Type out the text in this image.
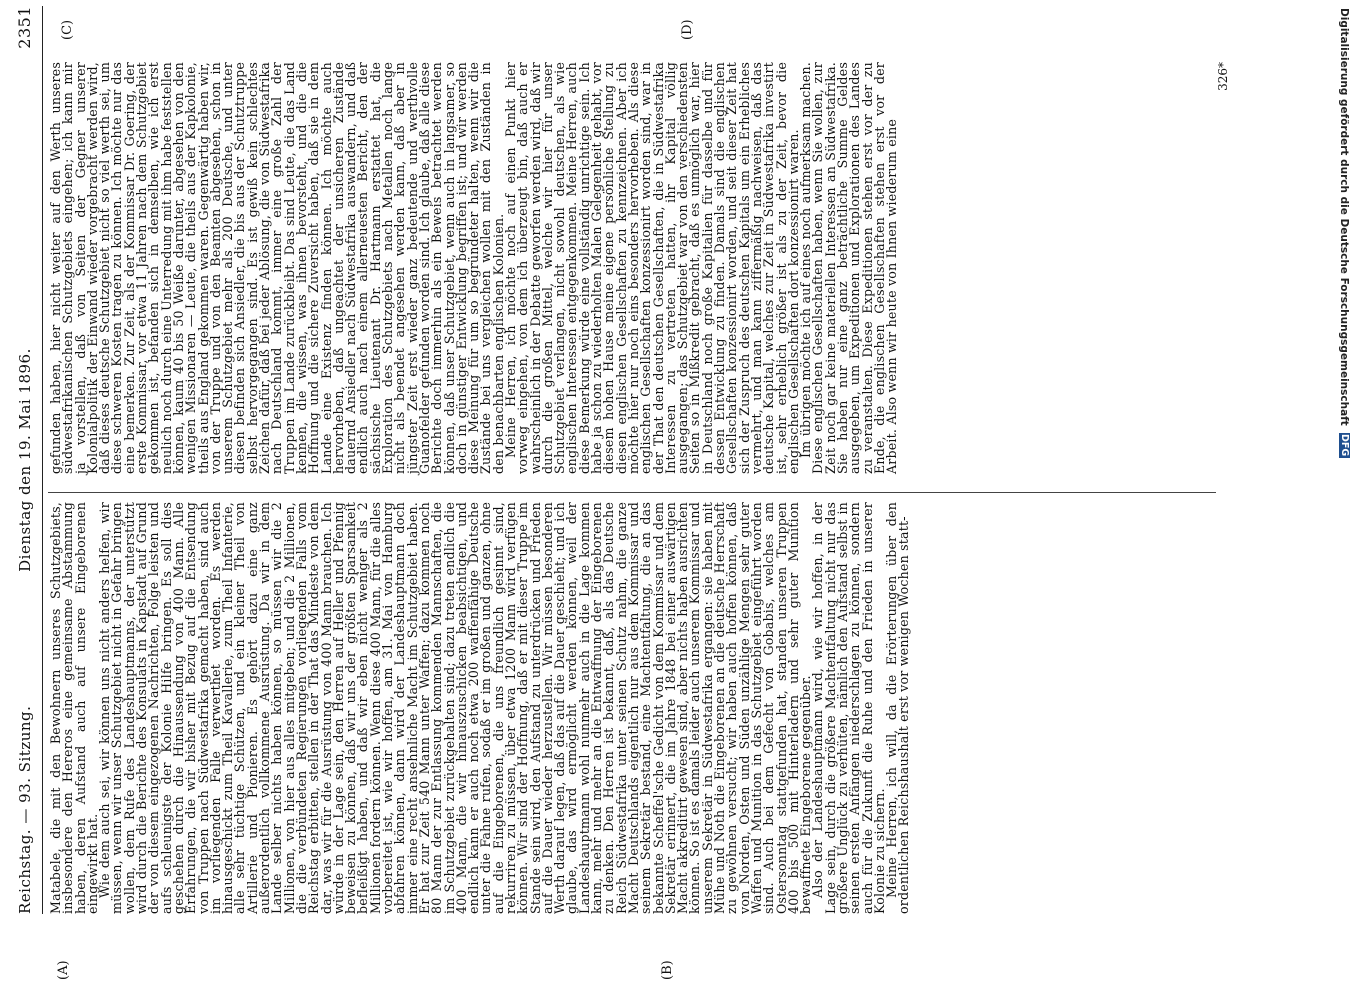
Reichstag. — 93. Sitzung.
Dienstag den 19. Mai 1896.
2351
(A)	(B)
(C)	(D)

Matabele, die mit den Bewohnern unseres Schutzgebiets, insbesondere den Hereros eine gemeinsame Abstammung haben, deren Aufstand auch auf unsere Eingeborenen eingewirkt hat.

Wie dem auch sei, wir können uns nicht anders helfen, wir müssen, wenn wir unser Schutzgebiet nicht in Gefahr bringen wollen, dem Rufe des Landeshauptmanns, der unterstützt wird durch die Berichte des Konsulats in Kapstadt auf Grund der von diesem eingezogenen Nachrichten, Folge leisten und aufs schleunigste der Kolonie Hilfe bringen. Es soll dies geschehen durch die Hinaussendung von 400 Mann. Alle Erfahrungen, die wir bisher mit Bezug auf die Entsendung von Truppen nach Südwestafrika gemacht haben, sind auch im vorliegenden Falle verwerthet worden. Es werden hinausgeschickt zum Theil Kavallerie, zum Theil Infanterie, alle sehr tüchtige Schützen, und ein kleiner Theil von Artillerie und Pionieren. Es gehört dazu eine ganz außerordentlich vollkommene Ausrüstung. Da wir in dem Lande selber nichts haben können, so müssen wir die 2 Millionen, von hier aus alles mitgeben; und die 2 Millionen, die die verbündeten Regierungen vorliegenden Falls vom Reichstag erbitten, stellen in der That das Mindeste von dem dar, was wir für die Ausrüstung von 400 Mann brauchen. Ich würde in der Lage sein, den Herren auf Heller und Pfennig beweisen zu können, daß wir uns der größten Sparsamkeit befleißigt haben, und daß wir eben nicht weniger als 2 Millionen fordern können. Wenn diese 400 Mann, für die alles vorbereitet ist, wie wir hoffen, am 31. Mai von Hamburg abfahren können, dann wird der Landeshauptmann doch immer eine recht ansehnliche Macht im Schutzgebiet haben. Er hat zur Zeit 540 Mann unter Waffen; dazu kommen noch 80 Mann der zur Entlassung kommenden Mannschaften, die im Schutzgebiet zurückgehalten sind; dazu treten endlich die 400 Mann, die wir hinauszuschicken beabsichtigen, und endlich kann er auch noch etwa 200 waffenfähige Deutsche unter die Fahne rufen, sodaß er im großen und ganzen, ohne auf die Eingeborenen, die uns freundlich gesinnt sind, rekurriren zu müssen, über etwa 1200 Mann wird verfügen können. Wir sind der Hoffnung, daß er mit dieser Truppe im Stande sein wird, den Aufstand zu unterdrücken und Frieden auf die Dauer wieder herzustellen. Wir müssen besonderen Werth darauf legen, daß das auf die Dauer geschieht; und ich glaube, das wird ermöglicht werden können, weil der Landeshauptmann wohl nunmehr auch in die Lage kommen kann, mehr und mehr an die Entwaffnung der Eingeborenen zu denken. Den Herren ist bekannt, daß, als das Deutsche Reich Südwestafrika unter seinen Schutz nahm, die ganze Macht Deutschlands eigentlich nur aus dem Kommissar und seinem Sekretär bestand, eine Machtentfaltung, die an das bekannte Scheffel'sche Gedicht von dem Kommissar und dem Sekretär erinnert, die im Jahre 1848 bei einer auswärtigen Macht akkreditirt gewesen sind, aber nichts haben ausrichten können. So ist es damals leider auch unserem Kommissar und unserem Sekretär in Südwestafrika ergangen: sie haben mit Mühe und Noth die Eingeborenen an die deutsche Herrschaft zu gewöhnen versucht; wir haben auch hoffen können, daß von Norden, Osten und Süden unzählige Mengen sehr guter Waffen und Munition in das Schutzgebiet eingeführt worden sind. Auch bei dem Gefecht von Gobabis, welches am Ostersonntag stattgefunden hat, standen unseren Truppen 400 bis 500 mit Hinterladern und sehr guter Munition bewaffnete Eingeborene gegenüber.

Also der Landeshauptmann wird, wie wir hoffen, in der Lage sein, durch die größere Machtentfaltung nicht nur das größere Unglück zu verhüten, nämlich den Aufstand selbst in seinen ersten Anfängen niederschlagen zu können, sondern auch für die Zukunft die Ruhe und den Frieden in unserer Kolonie zu sichern.

Meine Herren, ich will, da die Erörterungen über den ordentlichen Reichshaushalt erst vor wenigen Wochen statt-

gefunden haben, hier nicht weiter auf den Werth unseres südwestafrikanischen Schutzgebiets eingehen; ich kann mir ja vorstellen, daß von Seiten der Gegner unserer Kolonialpolitik der Einwand wieder vorgebracht werden wird, daß dieses deutsche Schutzgebiet nicht so viel werth sei, um diese schweren Kosten tragen zu können. Ich möchte nur das eine bemerken. Zur Zeit, als der Kommissar Dr. Goering, der erste Kommissar, vor etwa 11 Jahren nach dem Schutzgebiet gekommen ist, befanden sich in demselben, wie ich erst neulich noch durch eine Unterredung mit ihm habe feststellen können, kaum 40 bis 50 Weiße darunter, abgesehen von den wenigen Missionaren — Leute, die theils aus der Kapkolonie, theils aus England gekommen waren. Gegenwärtig haben wir, von der Truppe und von den Beamten abgesehen, schon in unserem Schutzgebiet mehr als 200 Deutsche, und unter diesen befinden sich Ansiedler, die bis aus der Schutztruppe selbst hervorgegangen sind. Es ist gewiß kein schlechtes Zeichen dafür, daß bei jeder Ablösung, die von Südwestafrika nach Deutschland kommt, immer eine große Zahl der Truppen im Lande zurückbleibt. Das sind Leute, die das Land kennen, die wissen, was ihnen bevorsteht, und die die Hoffnung und die sichere Zuversicht haben, daß sie in dem Lande eine Existenz finden können. Ich möchte auch hervorheben, daß ungeachtet der unsicheren Zustände dauernd Ansiedler nach Südwestafrika auswandern, und daß endlich auch nach einem allerneuesten Bericht, den der sächsische Lieutenant Dr. Hartmann erstattet hat, die Exploration des Schutzgebiets nach Metallen noch lange nicht als beendet angesehen werden kann, daß aber in jüngster Zeit erst wieder ganz bedeutende und werthvolle Guanofelder gefunden worden sind. Ich glaube, daß alle diese Berichte doch immerhin als ein Beweis betrachtet werden können, daß unser Schutzgebiet, wenn auch in langsamer, so doch in günstiger Entwicklung begriffen ist; und wir werden diese Meinung für um so begründeter halten, wenn wir die Zustände bei uns vergleichen wollen mit den Zuständen in den benachbarten englischen Kolonien.

Meine Herren, ich möchte noch auf einen Punkt hier vorweg eingehen, von dem ich überzeugt bin, daß auch er wahrscheinlich in der Debatte geworfen werden wird, daß wir durch die großen Mittel, welche wir hier für unser Schutzgebiet verlangen, nicht sowohl deutschen, als wie englischen Interessen entgegenkommen. Meine Herren, auch diese Bemerkung würde eine vollständig unrichtige sein. Ich habe ja schon zu wiederholten Malen Gelegenheit gehabt, vor diesem hohen Hause meine eigene persönliche Stellung zu diesen englischen Gesellschaften zu kennzeichnen. Aber ich möchte hier nur noch eins besonders hervorheben. Als diese englischen Gesellschaften konzessionirt worden sind, war in der That den deutschen Gesellschaften, die in Südwestafrika Interessen zu vertreten hatten, ihr Kapital völlig ausgegangen; das Schutzgebiet war von den verschiedensten Seiten so in Mißkredit gebracht, daß es unmöglich war, hier in Deutschland noch große Kapitalien für dasselbe und für dessen Entwicklung zu finden. Damals sind die englischen Gesellschaften konzessionirt worden, und seit dieser Zeit hat sich der Zuspruch des deutschen Kapitals um ein Erhebliches vermehrt, und man kann ziffermäßig nachweisen, daß das deutsche Kapital, welches zur Zeit in Südwestafrika investirt ist, sehr erheblich größer ist als zu der Zeit, bevor die englischen Gesellschaften dort konzessionirt waren.

Im übrigen möchte ich auf eines noch aufmerksam machen. Diese englischen Gesellschaften haben, wenn Sie wollen, zur Zeit noch gar keine materiellen Interessen an Südwestafrika. Sie haben nur eine ganz beträchtliche Summe Geldes ausgegeben, um Expeditionen und Explorationen des Landes zu veranstalten. Diese Expeditionen stehen erst vor der zu Ende, die englischen Gesellschaften stehen erst vor der Arbeit. Also wenn wir heute von Ihnen wiederum eine

326*	Digitalisierung gefördert durch die Deutsche Forschungsgemeinschaft DFG
